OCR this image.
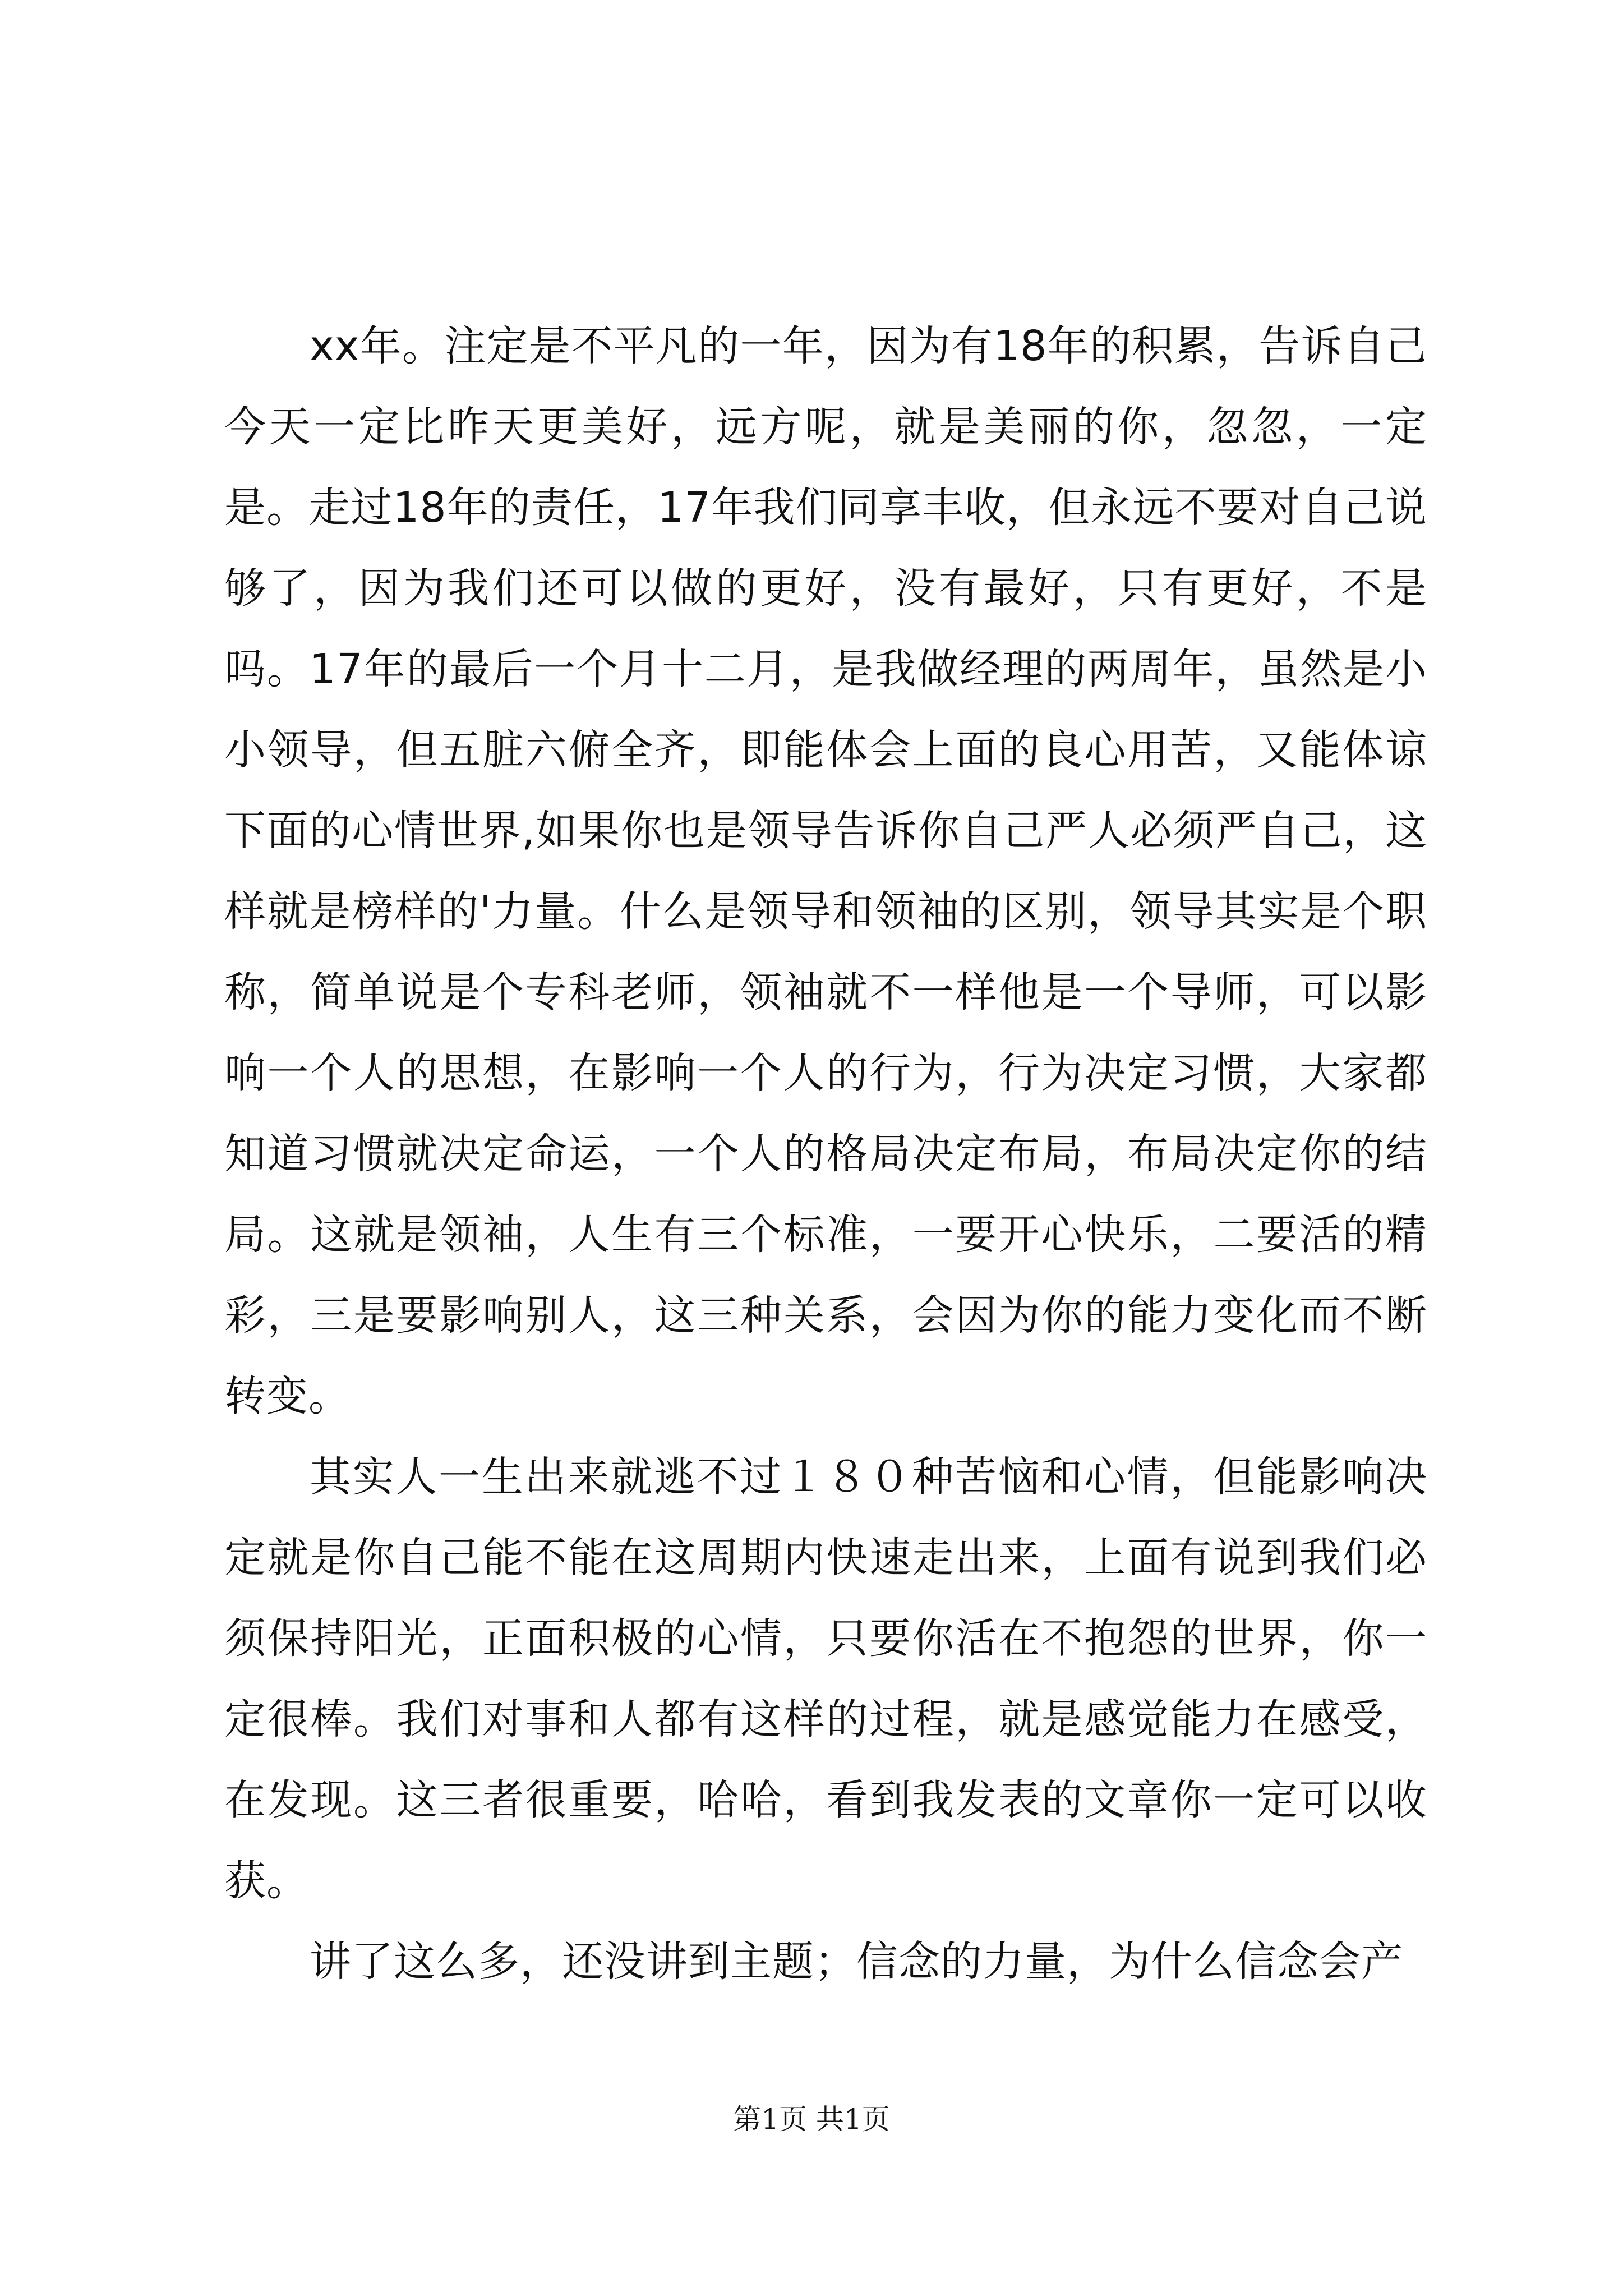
xx年。注定是不平凡的一年，因为有18年的积累，告诉自己今天一定比昨天更美好，远方呢，就是美丽的你，忽忽，一定是。走过18年的责任，17年我们同享丰收，但永远不要对自己说够了，因为我们还可以做的更好，没有最好，只有更好，不是吗。17年的最后一个月十二月，是我做经理的两周年，虽然是小小领导，但五脏六俯全齐，即能体会上面的良心用苦，又能体谅下面的心情世界,如果你也是领导告诉你自己严人必须严自己，这样就是榜样的'力量。什么是领导和领袖的区别，领导其实是个职称，简单说是个专科老师，领袖就不一样他是一个导师，可以影响一个人的思想，在影响一个人的行为，行为决定习惯，大家都知道习惯就决定命运，一个人的格局决定布局，布局决定你的结局。这就是领袖，人生有三个标准，一要开心快乐，二要活的精彩，三是要影响别人，这三种关系，会因为你的能力变化而不断转变。

其实人一生出来就逃不过１８０种苦恼和心情，但能影响决定就是你自己能不能在这周期内快速走出来，上面有说到我们必须保持阳光，正面积极的心情，只要你活在不抱怨的世界，你一定很棒。我们对事和人都有这样的过程，就是感觉能力在感受，在发现。这三者很重要，哈哈，看到我发表的文章你一定可以收获。

讲了这么多，还没讲到主题；信念的力量，为什么信念会产

第1页 共1页
